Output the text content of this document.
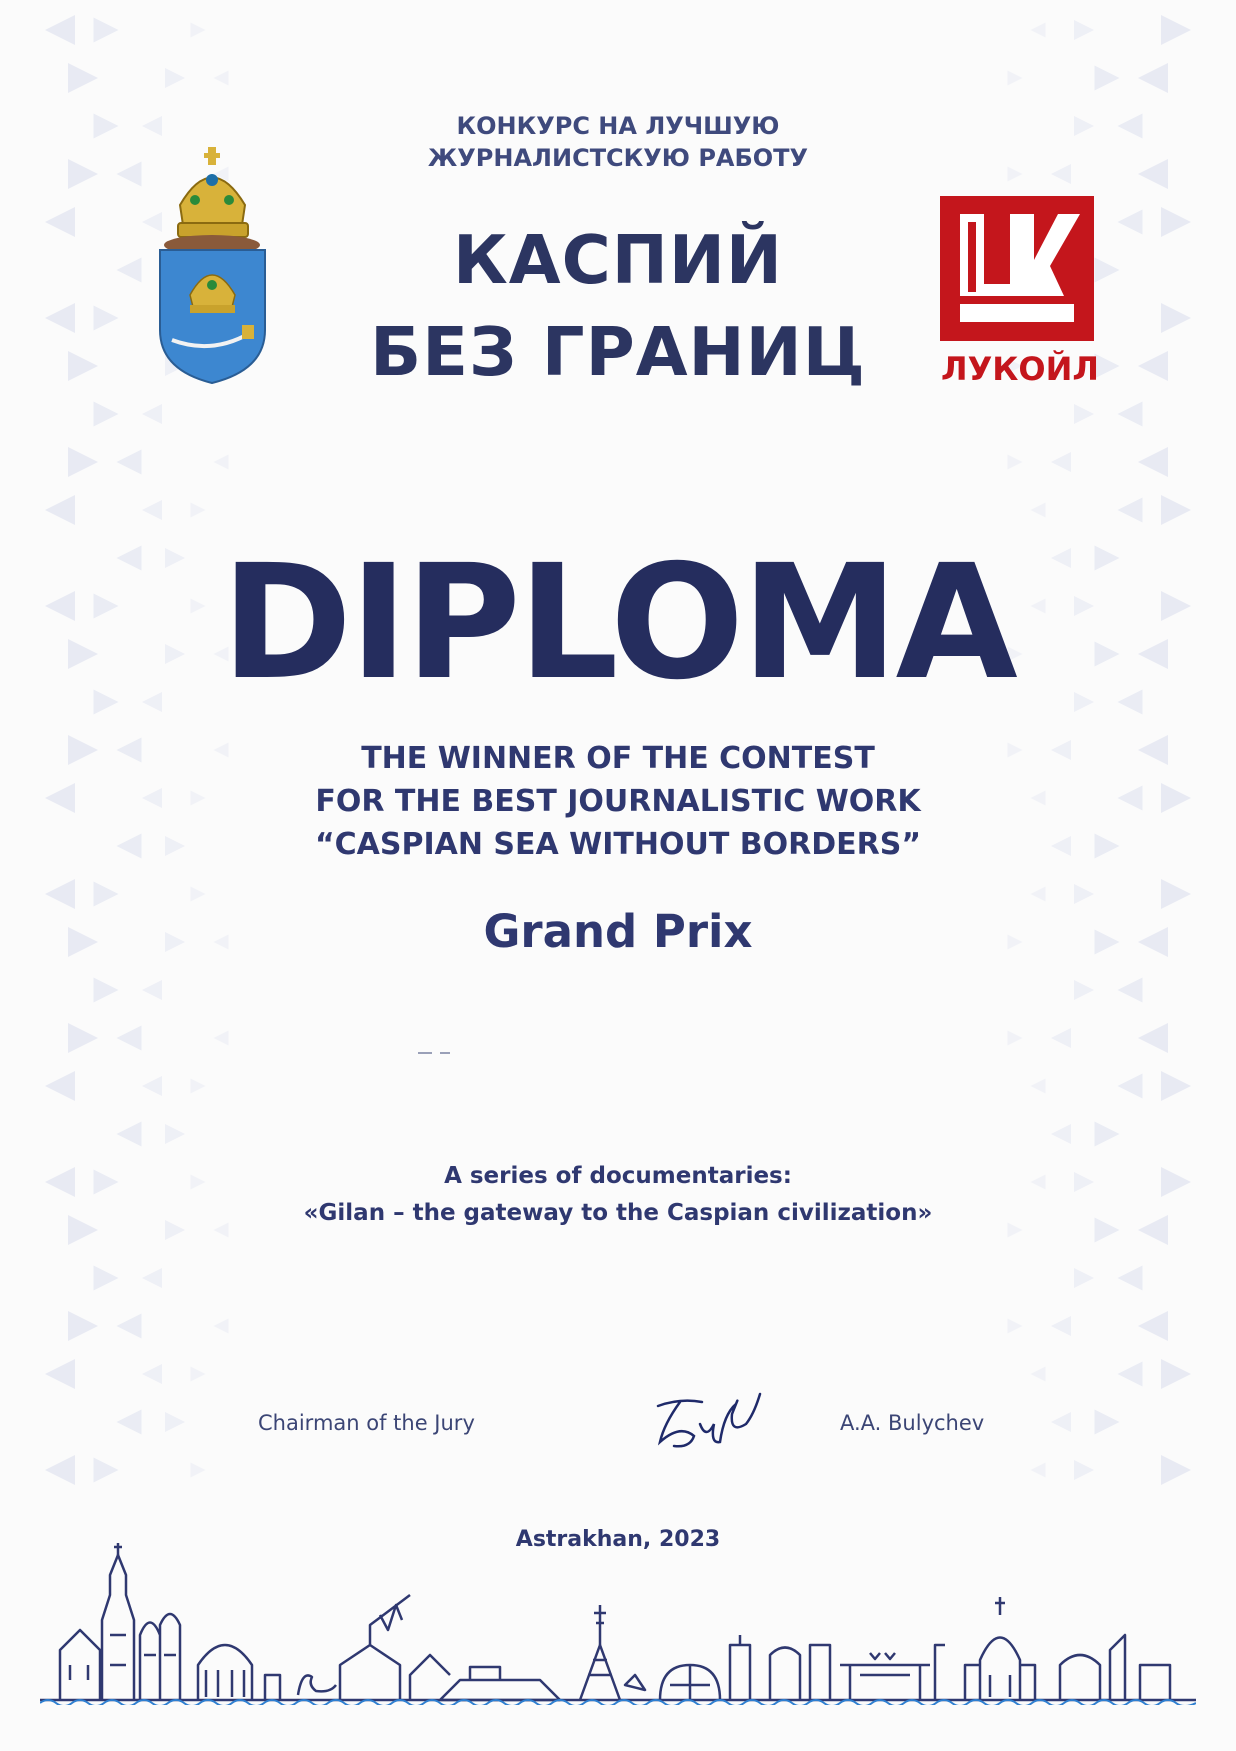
КОНКУРС НА ЛУЧШУЮ
ЖУРНАЛИСТСКУЮ РАБОТУ
КАСПИЙ
БЕЗ ГРАНИЦ	ЛУКОЙЛ
DIPLOMA
THE WINNER OF THE CONTEST
FOR THE BEST JOURNALISTIC WORK
“CASPIAN SEA WITHOUT BORDERS”
Grand Prix
A series of documentaries:
«Gilan – the gateway to the Caspian civilization»
Chairman of the Jury	A.A. Bulychev
Astrakhan, 2023
